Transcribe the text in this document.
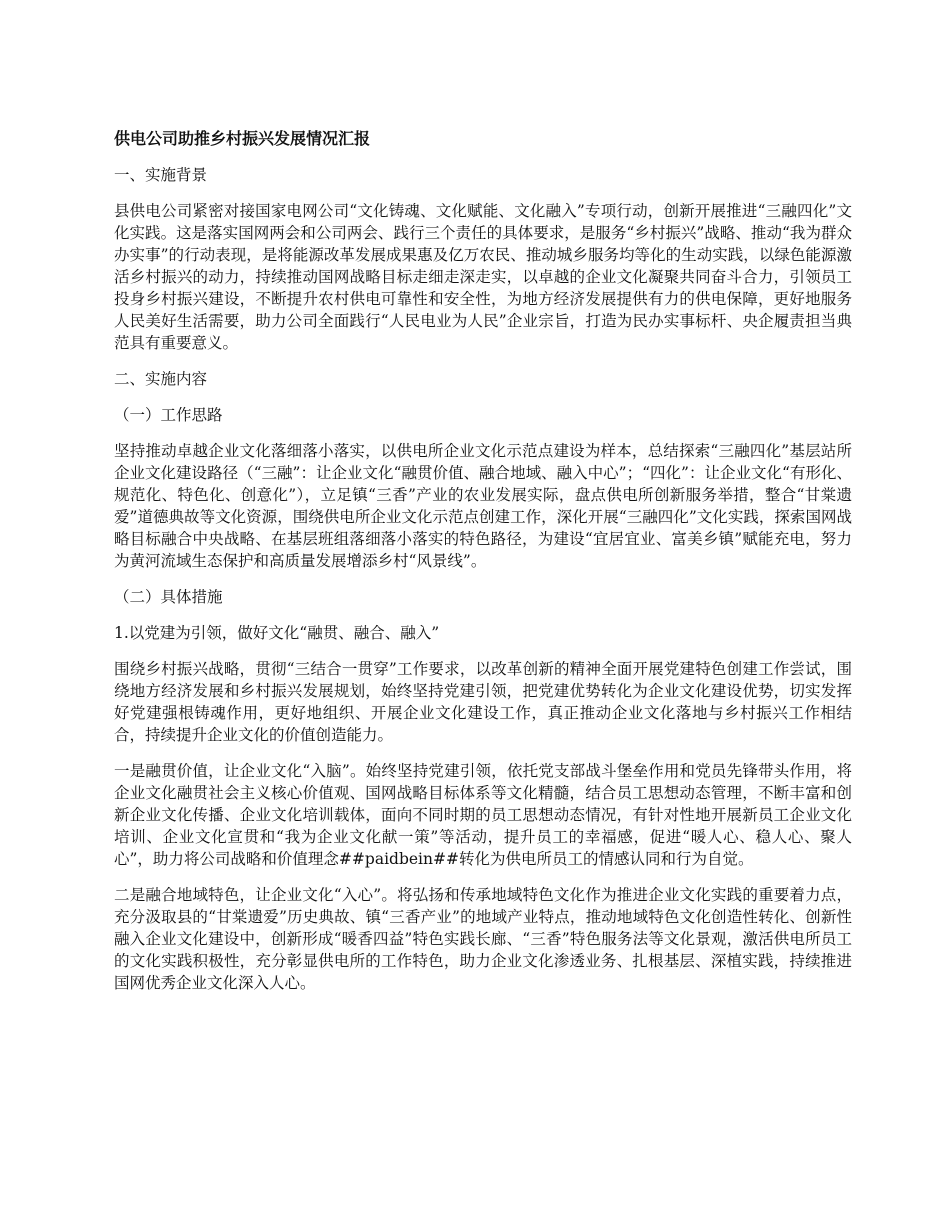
供电公司助推乡村振兴发展情况汇报
一、实施背景
县供电公司紧密对接国家电网公司“文化铸魂、文化赋能、文化融入”专项行动，创新开展推进“三融四化”文化实践。这是落实国网两会和公司两会、践行三个责任的具体要求，是服务“乡村振兴”战略、推动“我为群众办实事”的行动表现，是将能源改革发展成果惠及亿万农民、推动城乡服务均等化的生动实践，以绿色能源激活乡村振兴的动力，持续推动国网战略目标走细走深走实，以卓越的企业文化凝聚共同奋斗合力，引领员工投身乡村振兴建设，不断提升农村供电可靠性和安全性，为地方经济发展提供有力的供电保障，更好地服务人民美好生活需要，助力公司全面践行“人民电业为人民”企业宗旨，打造为民办实事标杆、央企履责担当典范具有重要意义。
二、实施内容
（一）工作思路
坚持推动卓越企业文化落细落小落实，以供电所企业文化示范点建设为样本，总结探索“三融四化”基层站所企业文化建设路径（“三融”：让企业文化“融贯价值、融合地域、融入中心”；“四化”：让企业文化“有形化、规范化、特色化、创意化”），立足镇“三香”产业的农业发展实际，盘点供电所创新服务举措，整合“甘棠遗爱”道德典故等文化资源，围绕供电所企业文化示范点创建工作，深化开展“三融四化”文化实践，探索国网战略目标融合中央战略、在基层班组落细落小落实的特色路径，为建设“宜居宜业、富美乡镇”赋能充电，努力为黄河流域生态保护和高质量发展增添乡村“风景线”。
（二）具体措施
1.以党建为引领，做好文化“融贯、融合、融入”
围绕乡村振兴战略，贯彻“三结合一贯穿”工作要求，以改革创新的精神全面开展党建特色创建工作尝试，围绕地方经济发展和乡村振兴发展规划，始终坚持党建引领，把党建优势转化为企业文化建设优势，切实发挥好党建强根铸魂作用，更好地组织、开展企业文化建设工作，真正推动企业文化落地与乡村振兴工作相结合，持续提升企业文化的价值创造能力。
一是融贯价值，让企业文化“入脑”。始终坚持党建引领，依托党支部战斗堡垒作用和党员先锋带头作用，将企业文化融贯社会主义核心价值观、国网战略目标体系等文化精髓，结合员工思想动态管理，不断丰富和创新企业文化传播、企业文化培训载体，面向不同时期的员工思想动态情况，有针对性地开展新员工企业文化培训、企业文化宣贯和“我为企业文化献一策”等活动，提升员工的幸福感，促进“暖人心、稳人心、聚人心”，助力将公司战略和价值理念##paidbein##转化为供电所员工的情感认同和行为自觉。
二是融合地域特色，让企业文化“入心”。将弘扬和传承地域特色文化作为推进企业文化实践的重要着力点，充分汲取县的“甘棠遗爱”历史典故、镇“三香产业”的地域产业特点，推动地域特色文化创造性转化、创新性融入企业文化建设中，创新形成“暖香四益”特色实践长廊、“三香”特色服务法等文化景观，激活供电所员工的文化实践积极性，充分彰显供电所的工作特色，助力企业文化渗透业务、扎根基层、深植实践，持续推进国网优秀企业文化深入人心。
